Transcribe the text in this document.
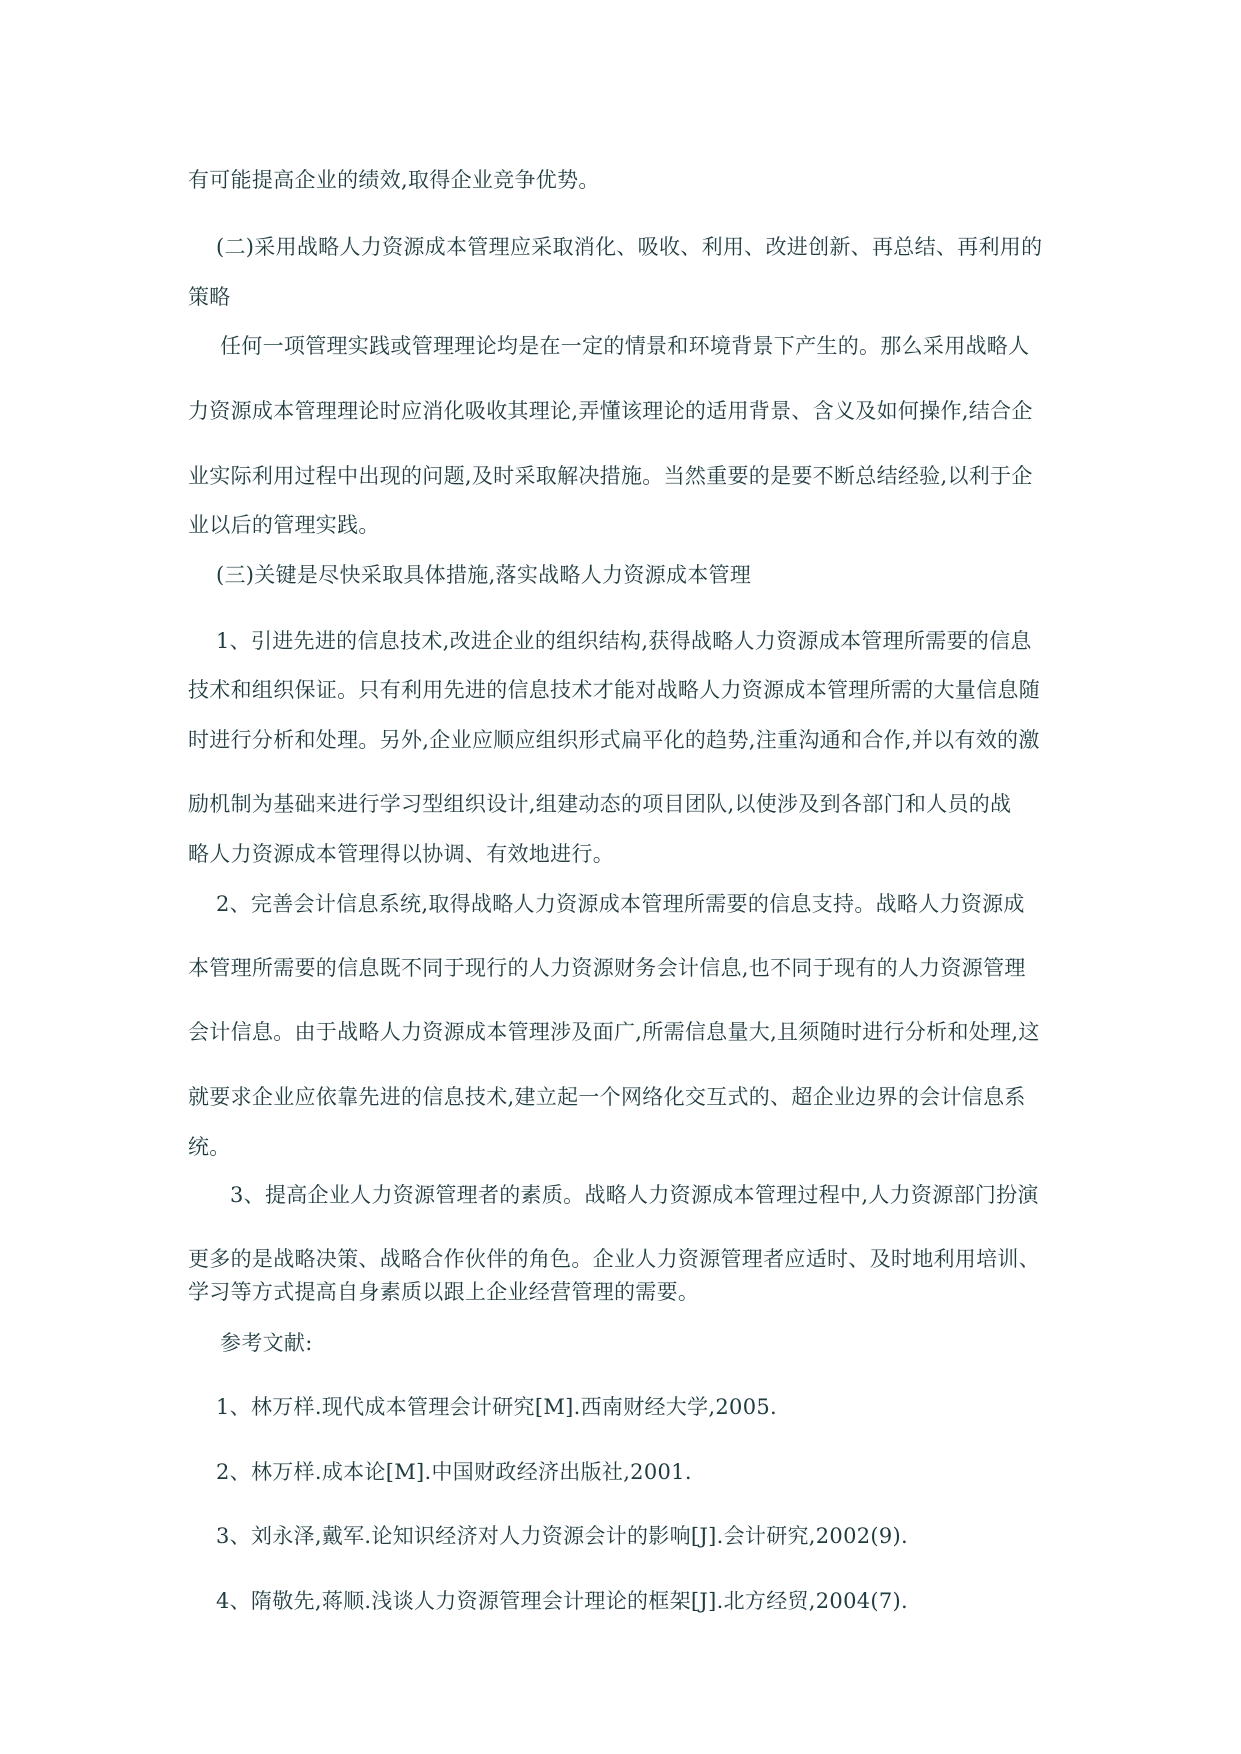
有可能提高企业的绩效,取得企业竞争优势。
(二)采用战略人力资源成本管理应采取消化、吸收、利用、改进创新、再总结、再利用的
策略
任何一项管理实践或管理理论均是在一定的情景和环境背景下产生的。那么采用战略人
力资源成本管理理论时应消化吸收其理论,弄懂该理论的适用背景、含义及如何操作,结合企
业实际利用过程中出现的问题,及时采取解决措施。当然重要的是要不断总结经验,以利于企
业以后的管理实践。
(三)关键是尽快采取具体措施,落实战略人力资源成本管理
1、引进先进的信息技术,改进企业的组织结构,获得战略人力资源成本管理所需要的信息
技术和组织保证。只有利用先进的信息技术才能对战略人力资源成本管理所需的大量信息随
时进行分析和处理。另外,企业应顺应组织形式扁平化的趋势,注重沟通和合作,并以有效的激
励机制为基础来进行学习型组织设计,组建动态的项目团队,以使涉及到各部门和人员的战
略人力资源成本管理得以协调、有效地进行。
2、完善会计信息系统,取得战略人力资源成本管理所需要的信息支持。战略人力资源成
本管理所需要的信息既不同于现行的人力资源财务会计信息,也不同于现有的人力资源管理
会计信息。由于战略人力资源成本管理涉及面广,所需信息量大,且须随时进行分析和处理,这
就要求企业应依靠先进的信息技术,建立起一个网络化交互式的、超企业边界的会计信息系
统。
3、提高企业人力资源管理者的素质。战略人力资源成本管理过程中,人力资源部门扮演
更多的是战略决策、战略合作伙伴的角色。企业人力资源管理者应适时、及时地利用培训、
学习等方式提高自身素质以跟上企业经营管理的需要。
参考文献:
1、林万样.现代成本管理会计研究[M].西南财经大学,2005.
2、林万样.成本论[M].中国财政经济出版社,2001.
3、刘永泽,戴军.论知识经济对人力资源会计的影响[J].会计研究,2002(9).
4、隋敬先,蒋顺.浅谈人力资源管理会计理论的框架[J].北方经贸,2004(7).
